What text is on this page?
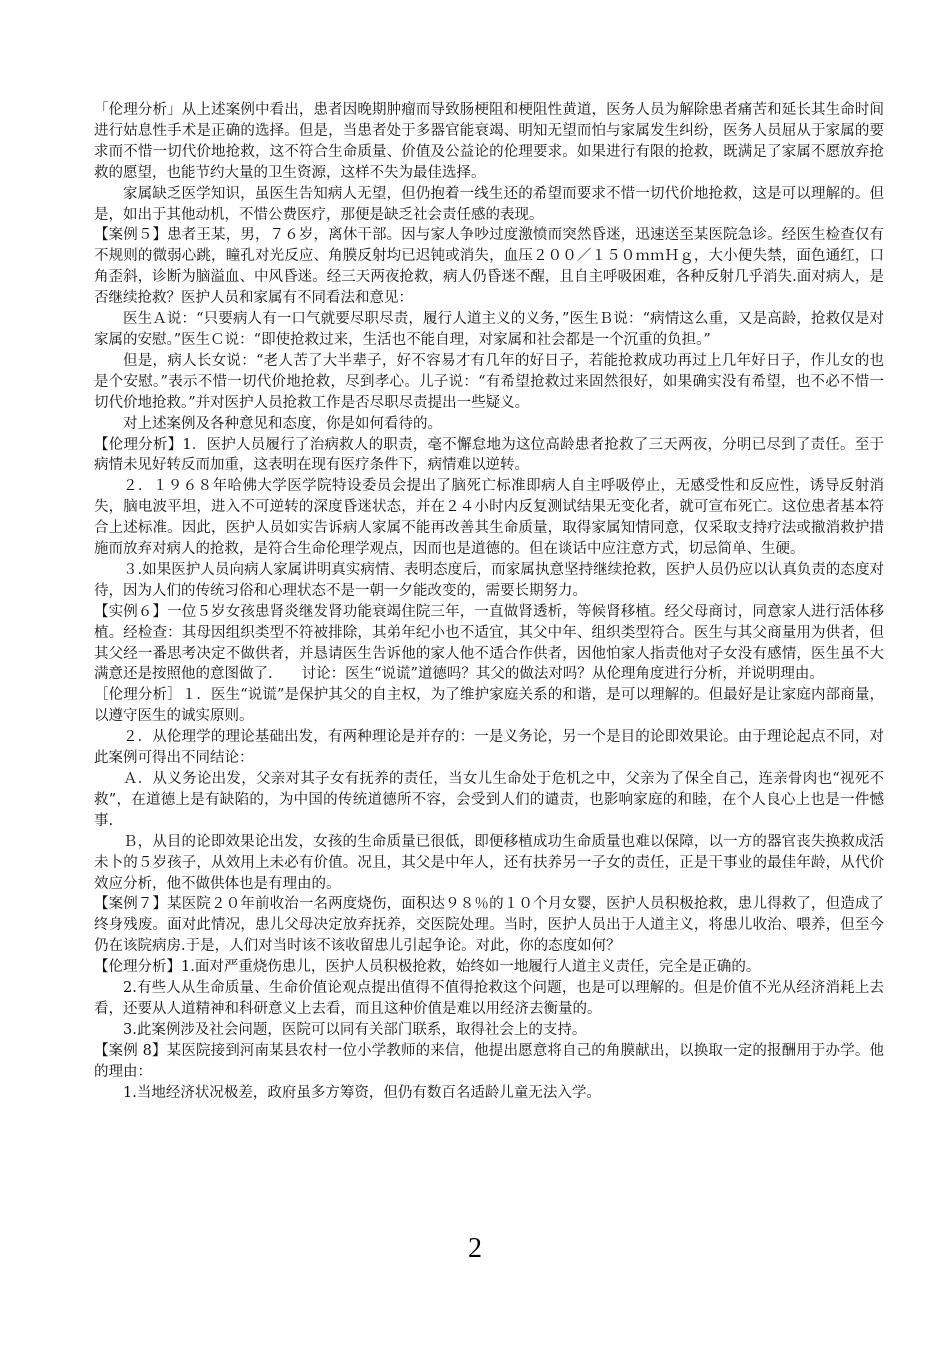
「伦理分析」从上述案例中看出，患者因晚期肿瘤而导致肠梗阻和梗阻性黄道，医务人员为解除患者痛苦和延长其生命时间进行姑息性手术是正确的选择。但是，当患者处于多器官能衰竭、明知无望而怕与家属发生纠纷，医务人员屈从于家属的要求而不惜一切代价地抢救，这不符合生命质量、价值及公益论的伦理要求。如果进行有限的抢救，既满足了家属不愿放弃抢救的愿望，也能节约大量的卫生资源，这样不失为最佳选择。

家属缺乏医学知识，虽医生告知病人无望，但仍抱着一线生还的希望而要求不惜一切代价地抢救，这是可以理解的。但是，如出于其他动机，不惜公费医疗，那便是缺乏社会责任感的表现。

【案例５】患者王某，男，７６岁，离休干部。因与家人争吵过度激愤而突然昏迷，迅速送至某医院急诊。经医生检查仅有不规则的微弱心跳，瞳孔对光反应、角膜反射均已迟钝或消失，血压２００／１５０ｍｍＨｇ，大小便失禁，面色通红，口角歪斜，诊断为脑溢血、中风昏迷。经三天两夜抢救，病人仍昏迷不醒，且自主呼吸困难，各种反射几乎消失.面对病人，是否继续抢救？医护人员和家属有不同看法和意见：

医生Ａ说：“只要病人有一口气就要尽职尽责，履行人道主义的义务，”医生Ｂ说：“病情这么重，又是高龄，抢救仅是对家属的安慰。”医生Ｃ说：“即使抢救过来，生活也不能自理，对家属和社会都是一个沉重的负担。”

但是，病人长女说：“老人苦了大半辈子，好不容易才有几年的好日子，若能抢救成功再过上几年好日子，作儿女的也是个安慰。”表示不惜一切代价地抢救，尽到孝心。儿子说：“有希望抢救过来固然很好，如果确实没有希望，也不必不惜一切代价地抢救。”并对医护人员抢救工作是否尽职尽责提出一些疑义。

对上述案例及各种意见和态度，你是如何看待的。

【伦理分析】1．医护人员履行了治病救人的职责，毫不懈怠地为这位高龄患者抢救了三天两夜，分明已尽到了责任。至于病情未见好转反而加重，这表明在现有医疗条件下，病情难以逆转。

２．１９６８年哈佛大学医学院特设委员会提出了脑死亡标准即病人自主呼吸停止，无感受性和反应性，诱导反射消失，脑电波平坦，进入不可逆转的深度昏迷状态，并在２４小时内反复测试结果无变化者，就可宣布死亡。这位患者基本符合上述标准。因此，医护人员如实告诉病人家属不能再改善其生命质量，取得家属知情同意，仅采取支持疗法或撤消救护措施而放弃对病人的抢救，是符合生命伦理学观点，因而也是道德的。但在谈话中应注意方式，切忌简单、生硬。

３.如果医护人员向病人家属讲明真实病情、表明态度后，而家属执意坚持继续抢救，医护人员仍应以认真负责的态度对待，因为人们的传统习俗和心理状态不是一朝一夕能改变的，需要长期努力。

【实例６】一位５岁女孩患肾炎继发肾功能衰竭住院三年，一直做肾透析，等候肾移植。经父母商讨，同意家人进行活体移植。经检查：其母因组织类型不符被排除，其弟年纪小也不适宜，其父中年、组织类型符合。医生与其父商量用为供者，但其父经一番思考决定不做供者，并恳请医生告诉他的家人他不适合作供者，因他怕家人指责他对子女没有感情，医生虽不大满意还是按照他的意图做了.　　讨论：医生“说谎”道德吗？其父的做法对吗？从伦理角度进行分析，并说明理由。

［伦理分析］１．医生“说谎”是保护其父的自主权，为了维护家庭关系的和谐，是可以理解的。但最好是让家庭内部商量，以遵守医生的诚实原则。

２．从伦理学的理论基础出发，有两种理论是并存的：一是义务论，另一个是目的论即效果论。由于理论起点不同，对此案例可得出不同结论：

Ａ．从义务论出发，父亲对其子女有抚养的责任，当女儿生命处于危机之中，父亲为了保全自己，连亲骨肉也“视死不救”，在道德上是有缺陷的，为中国的传统道德所不容，会受到人们的谴责，也影响家庭的和睦，在个人良心上也是一件憾事.

Ｂ，从目的论即效果论出发，女孩的生命质量已很低，即便移植成功生命质量也难以保障，以一方的器官丧失换救成活未卜的５岁孩子，从效用上未必有价值。况且，其父是中年人，还有扶养另一子女的责任，正是干事业的最佳年龄，从代价效应分析，他不做供体也是有理由的。

【案例７】某医院２０年前收治一名两度烧伤，面积达９８％的１０个月女婴，医护人员积极抢救，患儿得救了，但造成了终身残废。面对此情况，患儿父母决定放弃抚养，交医院处理。当时，医护人员出于人道主义，将患儿收治、喂养，但至今仍在该院病房.于是，人们对当时该不该收留患儿引起争论。对此，你的态度如何？

【伦理分析】1.面对严重烧伤患儿，医护人员积极抢救，始终如一地履行人道主义责任，完全是正确的。

2.有些人从生命质量、生命价值论观点提出值得不值得抢救这个问题，也是可以理解的。但是价值不光从经济消耗上去看，还要从人道精神和科研意义上去看，而且这种价值是难以用经济去衡量的。

3.此案例涉及社会问题，医院可以同有关部门联系，取得社会上的支持。

【案例 8】某医院接到河南某县农村一位小学教师的来信，他提出愿意将自己的角膜献出，以换取一定的报酬用于办学。他的理由：

1.当地经济状况极差，政府虽多方筹资，但仍有数百名适龄儿童无法入学。

2
